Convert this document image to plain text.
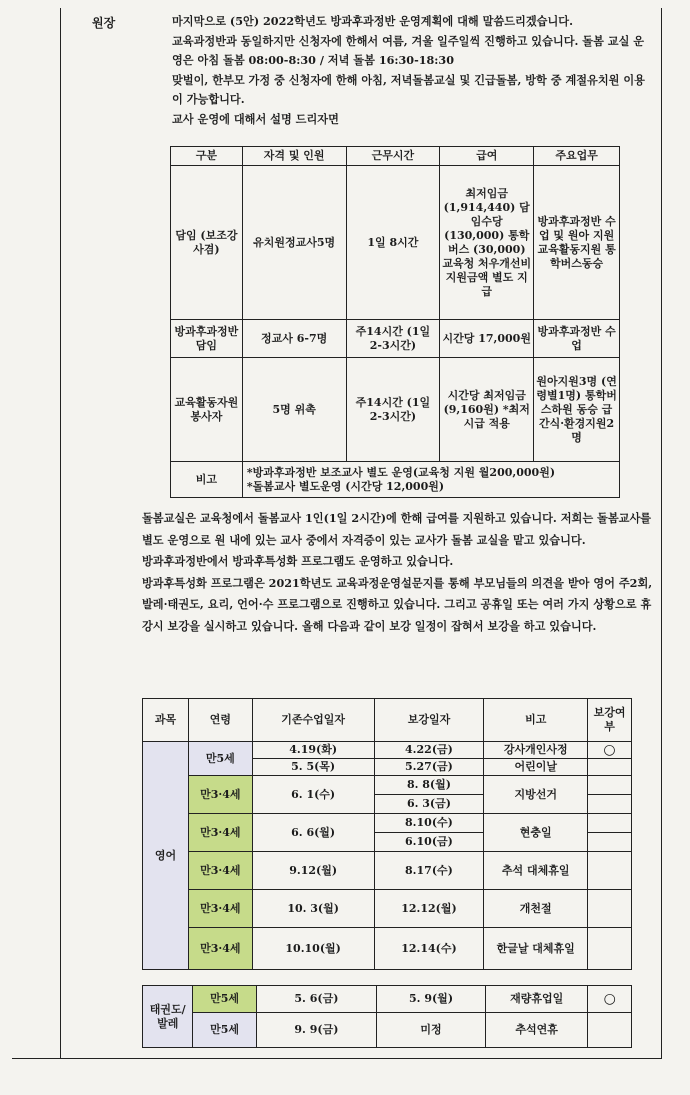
원장	마지막으로 (5안) 2022학년도 방과후과정반 운영계획에 대해 말씀드리겠습니다.

교육과정반과 동일하지만 신청자에 한해서 여름, 겨울 일주일씩 진행하고 있습니다. 돌봄 교실 운영은 아침 돌봄 08:00-8:30 / 저녁 돌봄 16:30-18:30

맞벌이, 한부모 가정 중 신청자에 한해 아침, 저녁돌봄교실 및 긴급돌봄, 방학 중 계절유치원 이용이 가능합니다.

교사 운영에 대해서 설명 드리자면

구분	자격 및 인원	근무시간	급여	주요업무
담임 (보조강사겸)	유치원정교사5명	1일 8시간	최저임금 (1,914,440) 담임수당 (130,000) 통학버스 (30,000) 교육청 처우개선비 지원금액 별도 지급	방과후과정반 수업 및 원아 지원 교육활동지원 통학버스동승
방과후과정반 담임	정교사 6-7명	주14시간 (1일 2-3시간)	시간당 17,000원	방과후과정반 수업
교육활동자원봉사자	5명 위촉	주14시간 (1일 2-3시간)	시간당 최저임금 (9,160원) *최저시급 적용	원아지원3명 (연령별1명) 통학버스하원 동승 급간식·환경지원2명
비고	*방과후과정반 보조교사 별도 운영(교육청 지원 월200,000원)
*돌봄교사 별도운영 (시간당 12,000원)			

돌봄교실은 교육청에서 돌봄교사 1인(1일 2시간)에 한해 급여를 지원하고 있습니다. 저희는 돌봄교사를 별도 운영으로 원 내에 있는 교사 중에서 자격증이 있는 교사가 돌봄 교실을 맡고 있습니다.

방과후과정반에서 방과후특성화 프로그램도 운영하고 있습니다.

방과후특성화 프로그램은 2021학년도 교육과정운영설문지를 통해 부모님들의 의견을 받아 영어 주2회, 발레·태권도, 요리, 언어·수 프로그램으로 진행하고 있습니다. 그리고 공휴일 또는 여러 가지 상황으로 휴강시 보강을 실시하고 있습니다. 올해 다음과 같이 보강 일정이 잡혀서 보강을 하고 있습니다.

과목	연령	기존수업일자	보강일자	비고	보강여부
영어	만5세	4.19(화)	4.22(금)	강사개인사정	○
		5. 5(목)	5.27(금)	어린이날	
	만3·4세	6. 1(수)	8. 8(월)	지방선거	
			6. 3(금)		
	만3·4세	6. 6(월)	8.10(수)	현충일	
			6.10(금)		
	만3·4세	9.12(월)	8.17(수)	추석 대체휴일	
	만3·4세	10. 3(월)	12.12(월)	개천절	
	만3·4세	10.10(월)	12.14(수)	한글날 대체휴일	
태권도/발레	만5세	5. 6(금)	5. 9(월)	재량휴업일	○
	만5세	9. 9(금)	미정	추석연휴	
